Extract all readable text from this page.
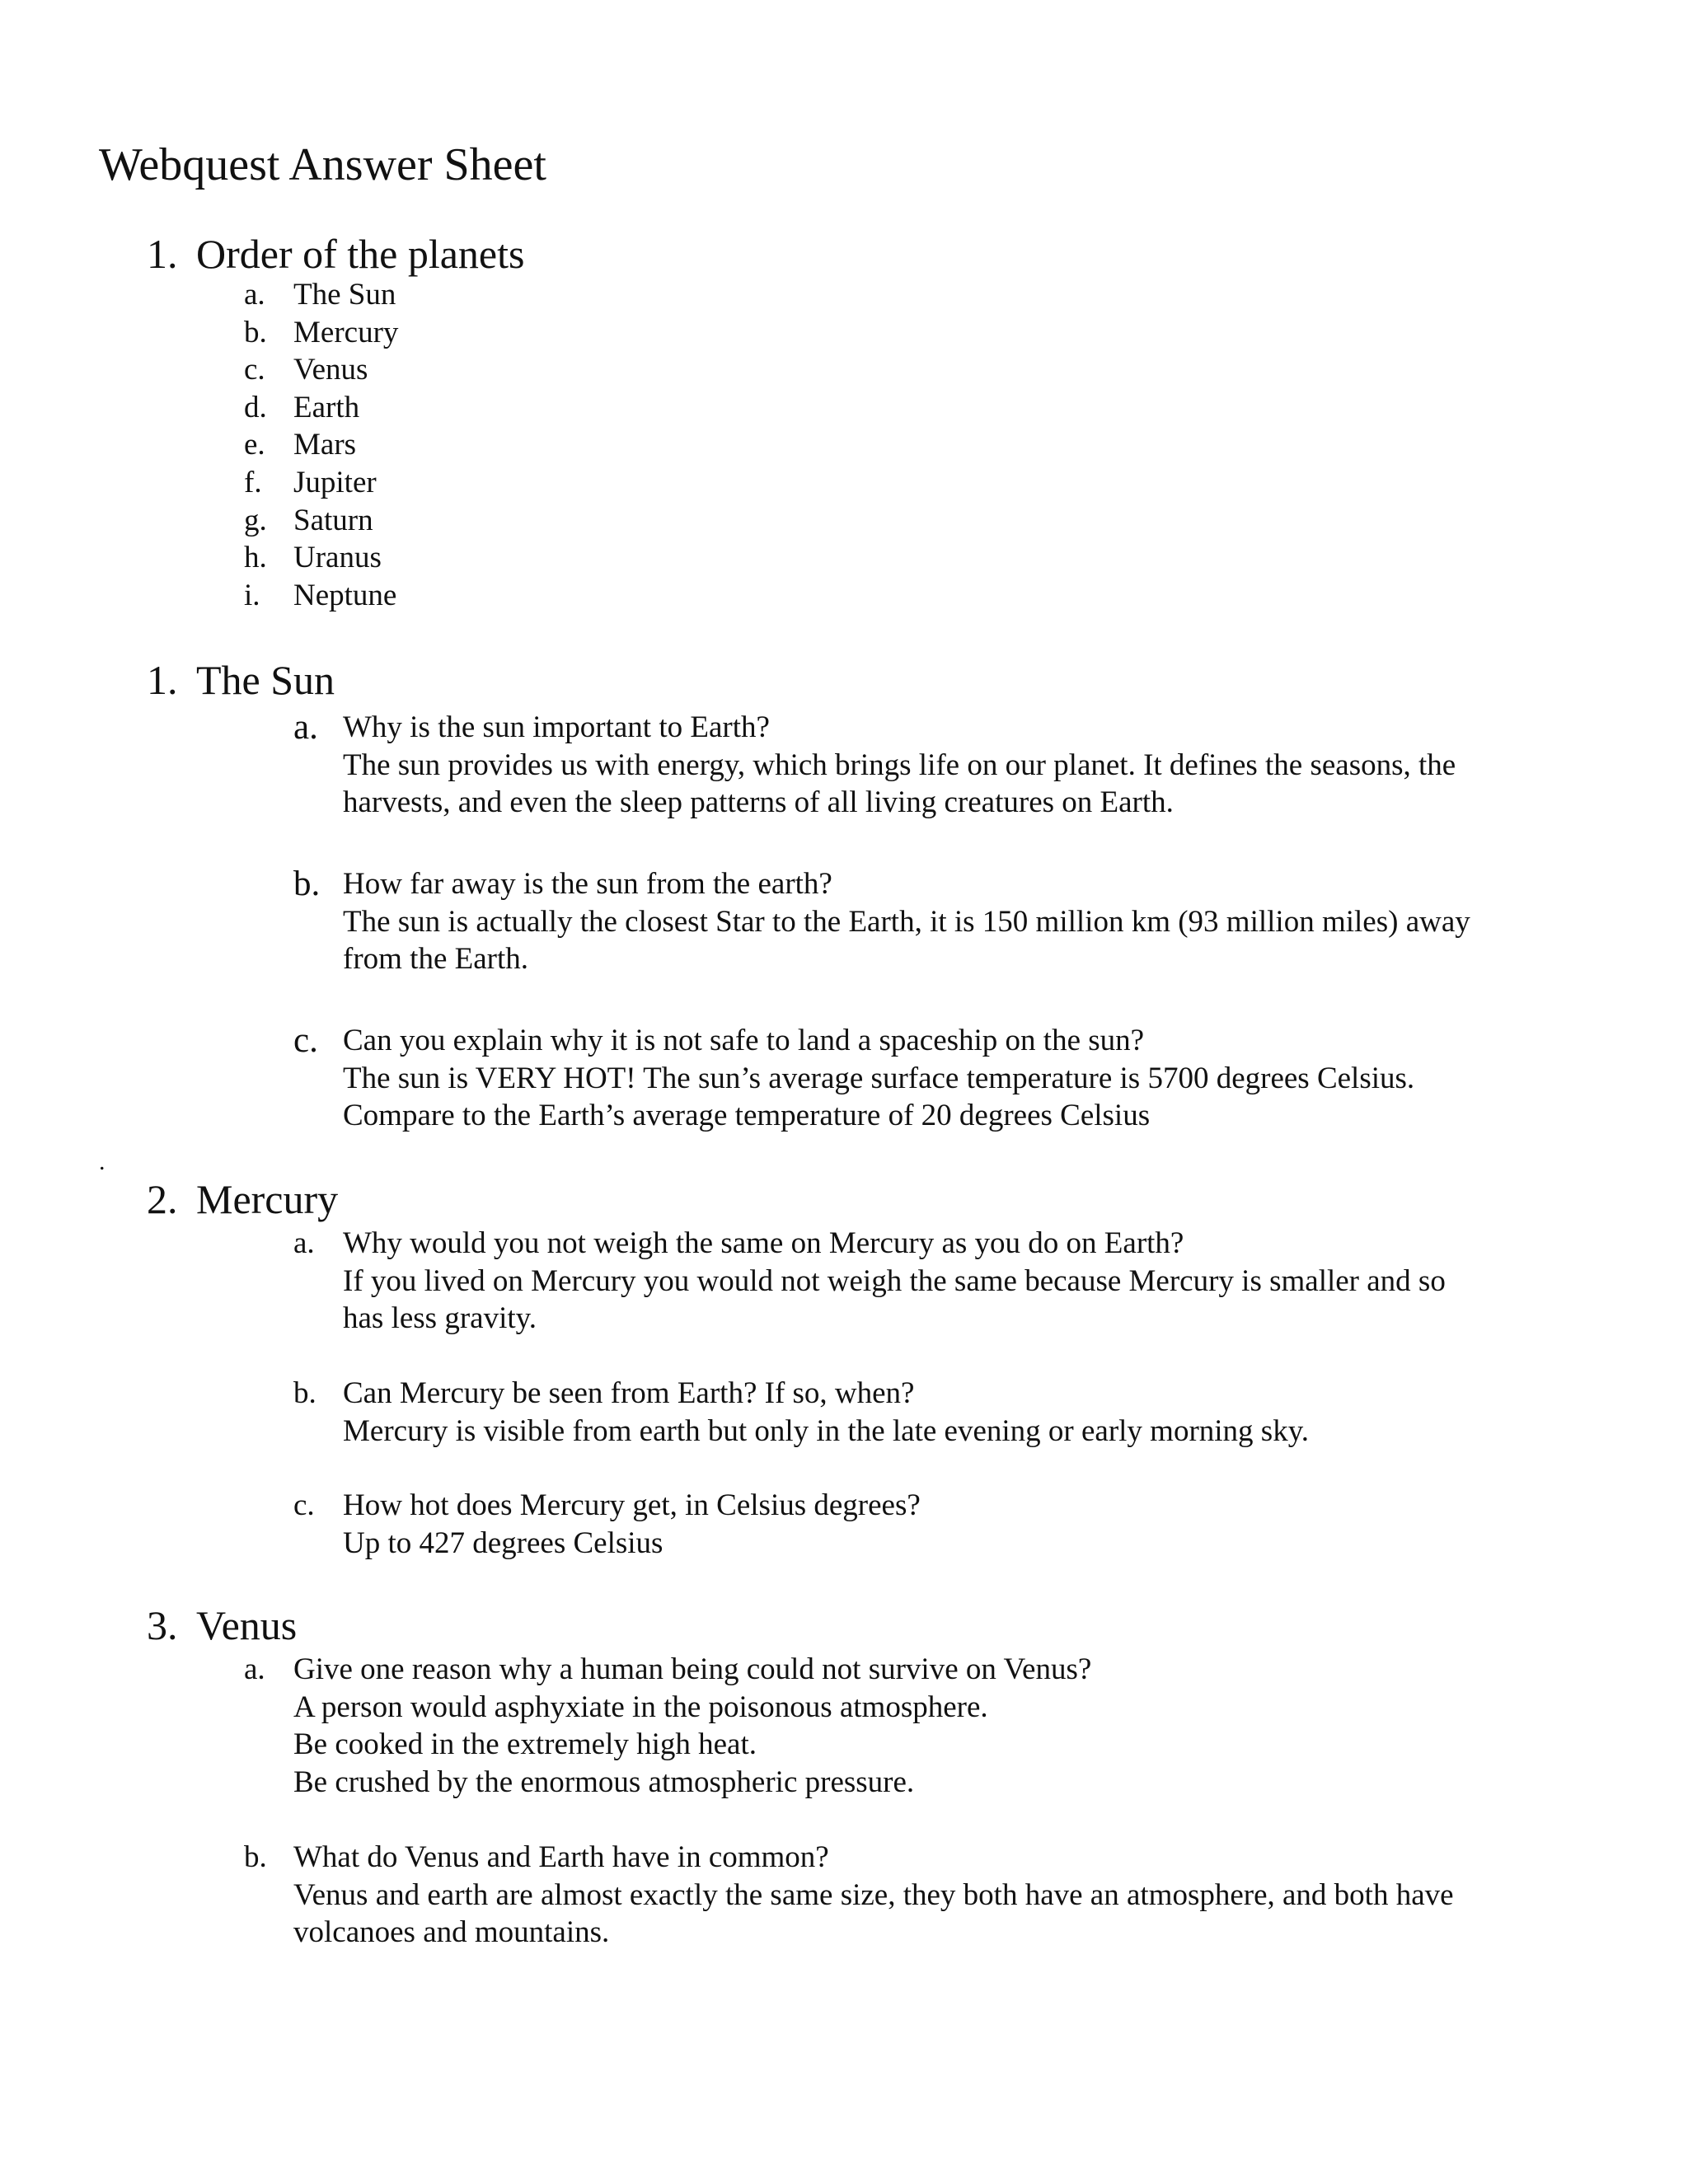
Webquest Answer Sheet
1. Order of the planets
a. The Sun
b. Mercury
c. Venus
d. Earth
e. Mars
f. Jupiter
g. Saturn
h. Uranus
i. Neptune
1. The Sun
a. Why is the sun important to Earth?
The sun provides us with energy, which brings life on our planet. It defines the seasons, the
harvests, and even the sleep patterns of all living creatures on Earth.
b. How far away is the sun from the earth?
The sun is actually the closest Star to the Earth, it is 150 million km (93 million miles) away
from the Earth.
c. Can you explain why it is not safe to land a spaceship on the sun?
The sun is VERY HOT! The sun’s average surface temperature is 5700 degrees Celsius.
Compare to the Earth’s average temperature of 20 degrees Celsius
.
2. Mercury
a. Why would you not weigh the same on Mercury as you do on Earth?
If you lived on Mercury you would not weigh the same because Mercury is smaller and so
has less gravity.
b. Can Mercury be seen from Earth? If so, when?
Mercury is visible from earth but only in the late evening or early morning sky.
c. How hot does Mercury get, in Celsius degrees?
Up to 427 degrees Celsius
3. Venus
a. Give one reason why a human being could not survive on Venus?
A person would asphyxiate in the poisonous atmosphere.
Be cooked in the extremely high heat.
Be crushed by the enormous atmospheric pressure.
b. What do Venus and Earth have in common?
Venus and earth are almost exactly the same size, they both have an atmosphere, and both have
volcanoes and mountains.
